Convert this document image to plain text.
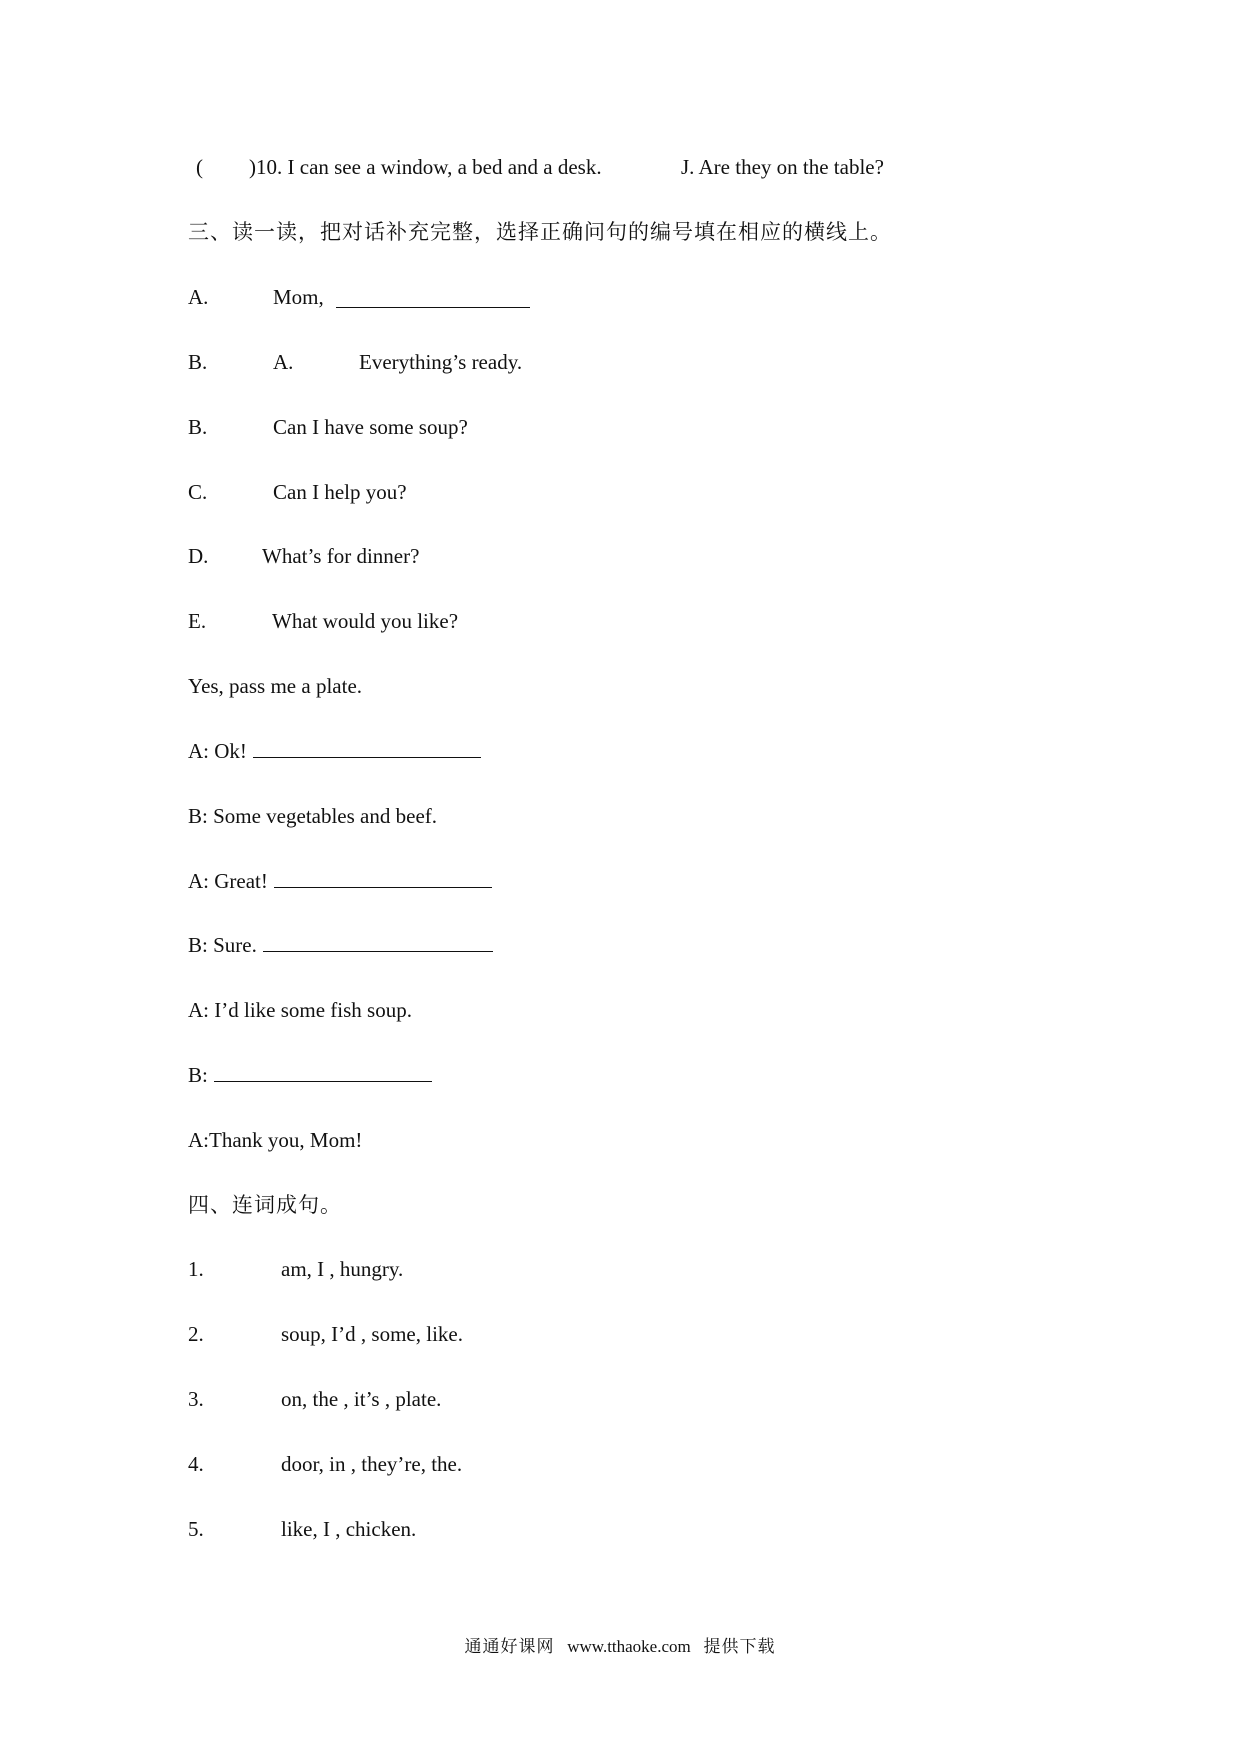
( )10. I can see a window, a bed and a desk.	J. Are they on the table?
三、读一读，把对话补充完整，选择正确问句的编号填在相应的横线上。
A.	Mom,
B.	A.	Everything’s ready.
B.	Can I have some soup?
C.	Can I help you?
D.	What’s for dinner?
E.	What would you like?
Yes, pass me a plate.
A: Ok!
B: Some vegetables and beef.
A: Great!
B: Sure.
A: I’d like some fish soup.
B:
A:Thank you, Mom!
四、连词成句。
1.	am, I , hungry.
2.	soup, I’d , some, like.
3.	on, the , it’s , plate.
4.	door, in , they’re, the.
5.	like, I , chicken.
通通好课网 www.tthaoke.com 提供下载
